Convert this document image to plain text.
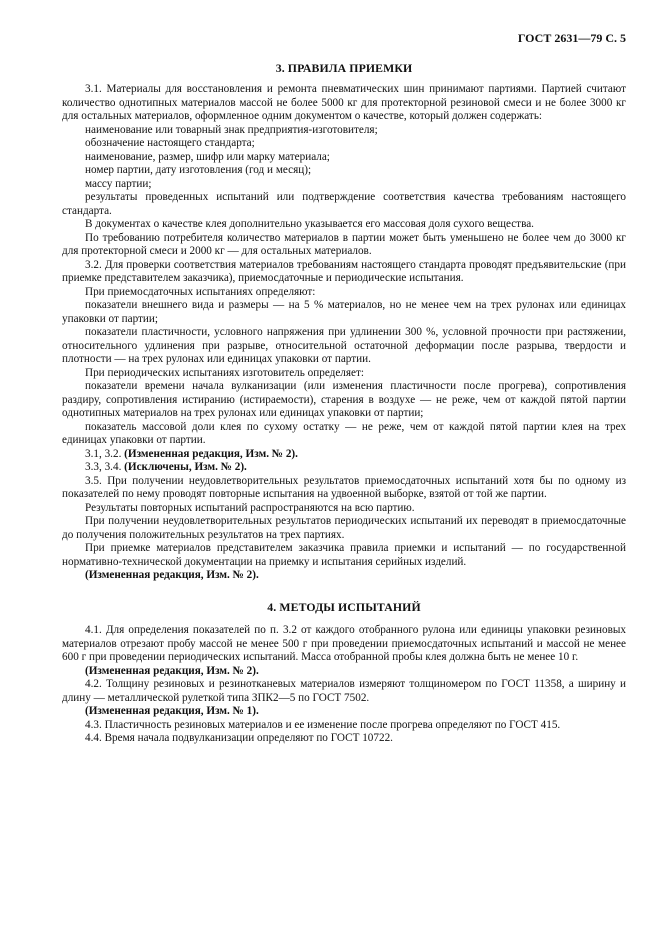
ГОСТ 2631—79 С. 5
3. ПРАВИЛА ПРИЕМКИ

3.1. Материалы для восстановления и ремонта пневматических шин принимают партиями. Партией считают количество однотипных материалов массой не более 5000 кг для протекторной резиновой смеси и не более 3000 кг для остальных материалов, оформленное одним документом о качестве, который должен содержать:

наименование или товарный знак предприятия-изготовителя;

обозначение настоящего стандарта;

наименование, размер, шифр или марку материала;

номер партии, дату изготовления (год и месяц);

массу партии;

результаты проведенных испытаний или подтверждение соответствия качества требованиям настоящего стандарта.

В документах о качестве клея дополнительно указывается его массовая доля сухого вещества.

По требованию потребителя количество материалов в партии может быть уменьшено не более чем до 3000 кг для протекторной смеси и 2000 кг — для остальных материалов.

3.2. Для проверки соответствия материалов требованиям настоящего стандарта проводят предъявительские (при приемке представителем заказчика), приемосдаточные и периодические испытания.

При приемосдаточных испытаниях определяют:

показатели внешнего вида и размеры — на 5 % материалов, но не менее чем на трех рулонах или единицах упаковки от партии;

показатели пластичности, условного напряжения при удлинении 300 %, условной прочности при растяжении, относительного удлинения при разрыве, относительной остаточной деформации после разрыва, твердости и плотности — на трех рулонах или единицах упаковки от партии.

При периодических испытаниях изготовитель определяет:

показатели времени начала вулканизации (или изменения пластичности после прогрева), сопротивления раздиру, сопротивления истиранию (истираемости), старения в воздухе — не реже, чем от каждой пятой партии однотипных материалов на трех рулонах или единицах упаковки от партии;

показатель массовой доли клея по сухому остатку — не реже, чем от каждой пятой партии клея на трех единицах упаковки от партии.

3.1, 3.2. (Измененная редакция, Изм. № 2).

3.3, 3.4. (Исключены, Изм. № 2).

3.5. При получении неудовлетворительных результатов приемосдаточных испытаний хотя бы по одному из показателей по нему проводят повторные испытания на удвоенной выборке, взятой от той же партии.

Результаты повторных испытаний распространяются на всю партию.

При получении неудовлетворительных результатов периодических испытаний их переводят в приемосдаточные до получения положительных результатов на трех партиях.

При приемке материалов представителем заказчика правила приемки и испытаний — по государственной нормативно-технической документации на приемку и испытания серийных изделий.

(Измененная редакция, Изм. № 2).

4. МЕТОДЫ ИСПЫТАНИЙ

4.1. Для определения показателей по п. 3.2 от каждого отобранного рулона или единицы упаковки резиновых материалов отрезают пробу массой не менее 500 г при проведении приемосдаточных испытаний и массой не менее 600 г при проведении периодических испытаний. Масса отобранной пробы клея должна быть не менее 10 г.

(Измененная редакция, Изм. № 2).

4.2. Толщину резиновых и резинотканевых материалов измеряют толщиномером по ГОСТ 11358, а ширину и длину — металлической рулеткой типа ЗПК2—5 по ГОСТ 7502.

(Измененная редакция, Изм. № 1).

4.3. Пластичность резиновых материалов и ее изменение после прогрева определяют по ГОСТ 415.

4.4. Время начала подвулканизации определяют по ГОСТ 10722.
